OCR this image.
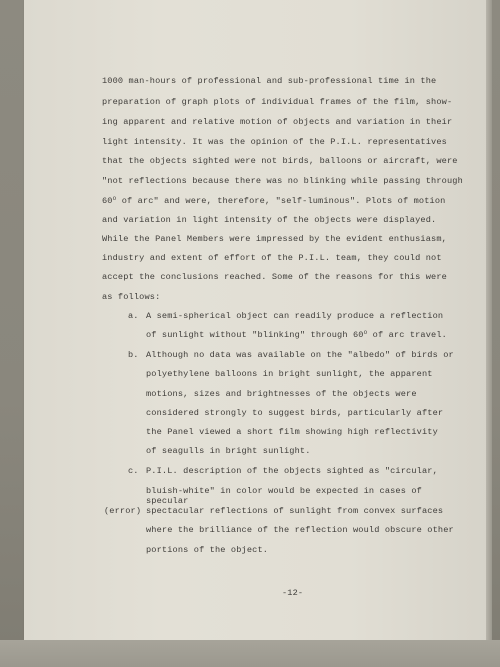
1000 man-hours of professional and sub-professional time in the
preparation of graph plots of individual frames of the film, show-
ing apparent and relative motion of objects and variation in their
light intensity. It was the opinion of the P.I.L. representatives
that the objects sighted were not birds, balloons or aircraft, were
"not reflections because there was no blinking while passing through
60$^o$ of arc" and were, therefore, "self-luminous". Plots of motion
and variation in light intensity of the objects were displayed.
While the Panel Members were impressed by the evident enthusiasm,
industry and extent of effort of the P.I.L. team, they could not
accept the conclusions reached. Some of the reasons for this were
as follows:
a. A semi-spherical object can readily produce a reflection
of sunlight without "blinking" through 60$^o$ of arc travel.
b. Although no data was available on the "albedo" of birds or
polyethylene balloons in bright sunlight, the apparent
motions, sizes and brightnesses of the objects were
considered strongly to suggest birds, particularly after
the Panel viewed a short film showing high reflectivity
of seagulls in bright sunlight.
c. P.I.L. description of the objects sighted as "circular,
bluish-white" in color would be expected in cases of
specular
(error) spectacular reflections of sunlight from convex surfaces
where the brilliance of the reflection would obscure other
portions of the object.
-12-
